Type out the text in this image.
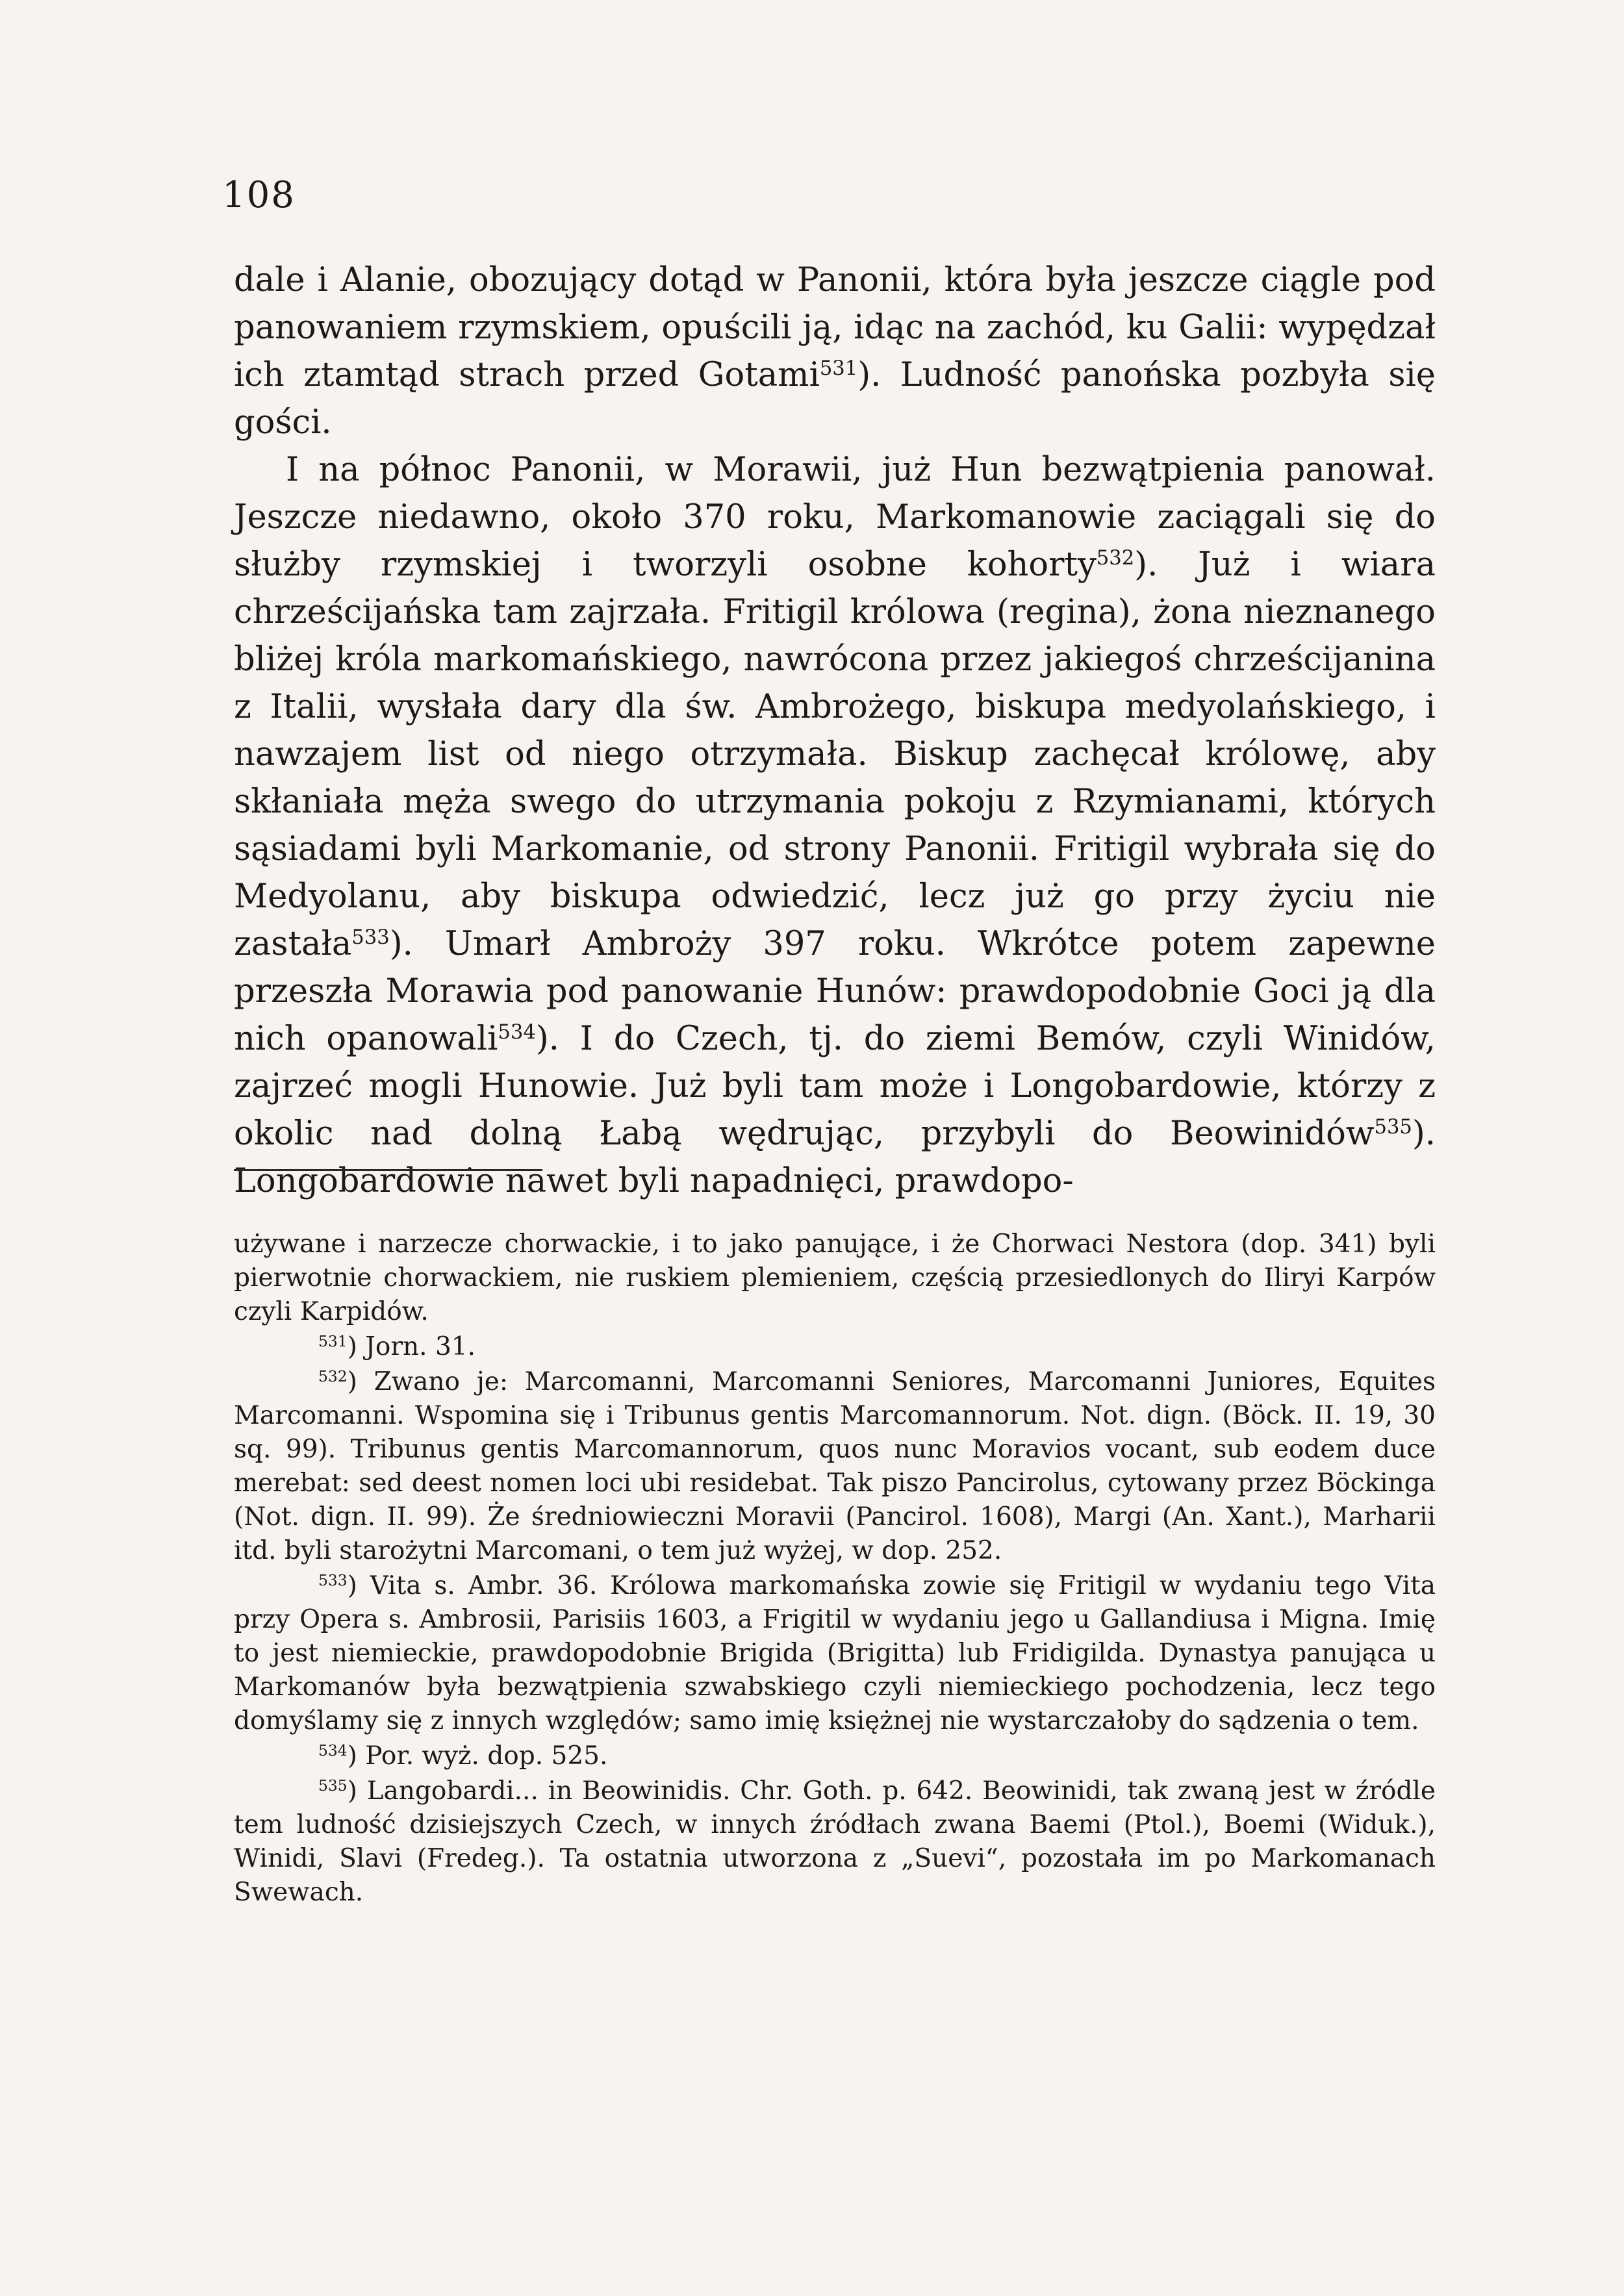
108

dale i Alanie, obozujący dotąd w Panonii, która była jeszcze ciągle pod panowaniem rzymskiem, opuścili ją, idąc na zachód, ku Galii: wypędzał ich ztamtąd strach przed Gotami$^{531}$). Ludność panońska pozbyła się gości.

I na północ Panonii, w Morawii, już Hun bezwątpienia panował. Jeszcze niedawno, około 370 roku, Markomanowie zaciągali się do służby rzymskiej i tworzyli osobne kohorty$^{532}$). Już i wiara chrześcijańska tam zajrzała. Fritigil królowa (regina), żona nieznanego bliżej króla markomańskiego, nawrócona przez jakiegoś chrześcijanina z Italii, wysłała dary dla św. Ambrożego, biskupa medyolańskiego, i nawzajem list od niego otrzymała. Biskup zachęcał królowę, aby skłaniała męża swego do utrzymania pokoju z Rzymianami, których sąsiadami byli Markomanie, od strony Panonii. Fritigil wybrała się do Medyolanu, aby biskupa odwiedzić, lecz już go przy życiu nie zastała$^{533}$). Umarł Ambroży 397 roku. Wkrótce potem zapewne przeszła Morawia pod panowanie Hunów: prawdopodobnie Goci ją dla nich opanowali$^{534}$). I do Czech, tj. do ziemi Bemów, czyli Winidów, zajrzeć mogli Hunowie. Już byli tam może i Longobardowie, którzy z okolic nad dolną Łabą wędrując, przybyli do Beowinidów$^{535}$). Longobardowie nawet byli napadnięci, prawdopo-

używane i narzecze chorwackie, i to jako panujące, i że Chorwaci Nestora (dop. 341) byli pierwotnie chorwackiem, nie ruskiem plemieniem, częścią przesiedlonych do Iliryi Karpów czyli Karpidów.

$^{531}$) Jorn. 31.

$^{532}$) Zwano je: Marcomanni, Marcomanni Seniores, Marcomanni Juniores, Equites Marcomanni. Wspomina się i Tribunus gentis Marcomannorum. Not. dign. (Böck. II. 19, 30 sq. 99). Tribunus gentis Marcomannorum, quos nunc Moravios vocant, sub eodem duce merebat: sed deest nomen loci ubi residebat. Tak piszo Pancirolus, cytowany przez Böckinga (Not. dign. II. 99). Że średniowieczni Moravii (Pancirol. 1608), Margi (An. Xant.), Marharii itd. byli starożytni Marcomani, o tem już wyżej, w dop. 252.

$^{533}$) Vita s. Ambr. 36. Królowa markomańska zowie się Fritigil w wydaniu tego Vita przy Opera s. Ambrosii, Parisiis 1603, a Frigitil w wydaniu jego u Gallandiusa i Migna. Imię to jest niemieckie, prawdopodobnie Brigida (Brigitta) lub Fridigilda. Dynastya panująca u Markomanów była bezwątpienia szwabskiego czyli niemieckiego pochodzenia, lecz tego domyślamy się z innych względów; samo imię księżnej nie wystarczałoby do sądzenia o tem.

$^{534}$) Por. wyż. dop. 525.

$^{535}$) Langobardi... in Beowinidis. Chr. Goth. p. 642. Beowinidi, tak zwaną jest w źródle tem ludność dzisiejszych Czech, w innych źródłach zwana Baemi (Ptol.), Boemi (Widuk.), Winidi, Slavi (Fredeg.). Ta ostatnia utworzona z „Suevi“, pozostała im po Markomanach Swewach.
